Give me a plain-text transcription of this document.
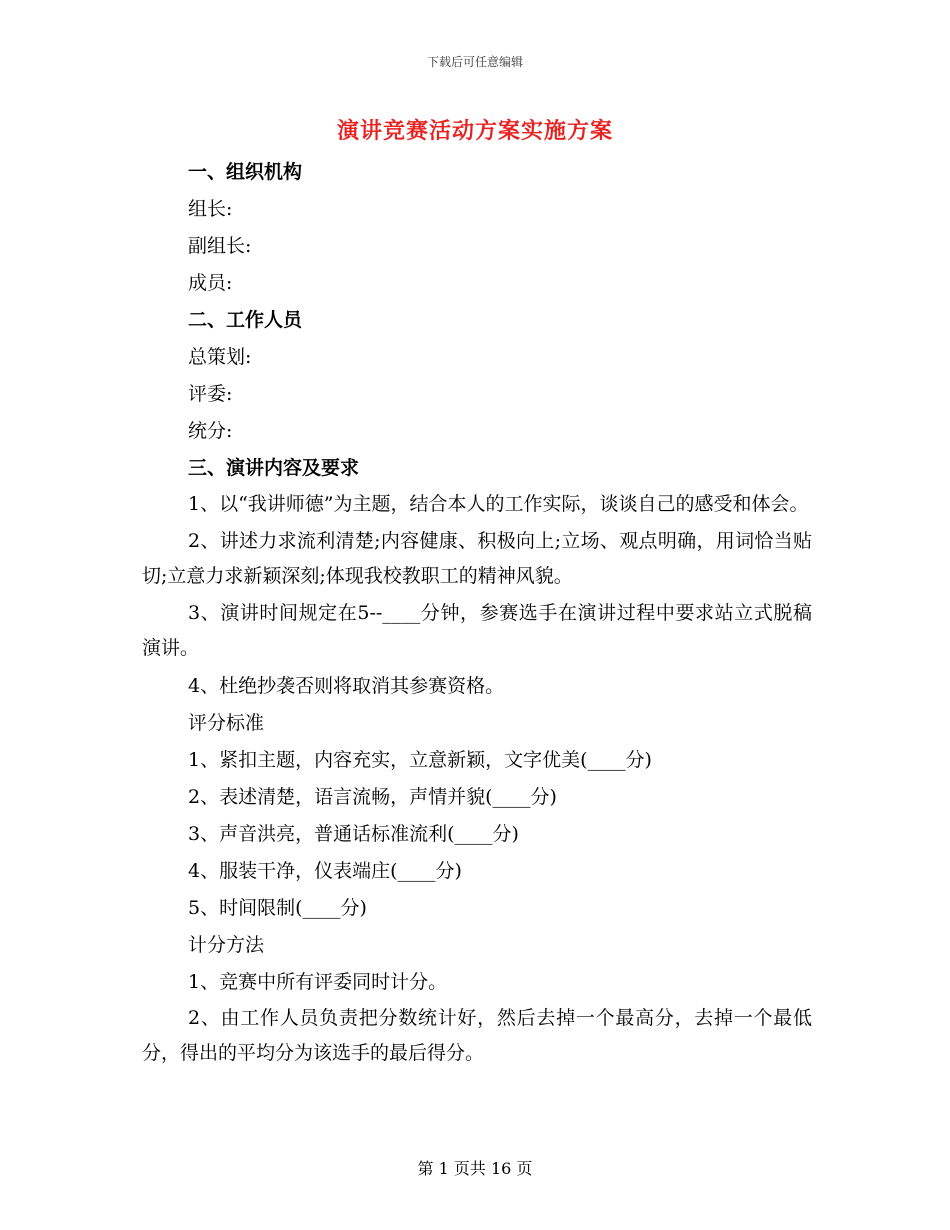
下载后可任意编辑
演讲竞赛活动方案实施方案

一、组织机构

组长:

副组长:

成员:

二、工作人员

总策划:

评委:

统分:

三、演讲内容及要求

1、以“我讲师德”为主题，结合本人的工作实际，谈谈自己的感受和体会。

2、讲述力求流利清楚;内容健康、积极向上;立场、观点明确，用词恰当贴切;立意力求新颖深刻;体现我校教职工的精神风貌。

3、演讲时间规定在5--____分钟，参赛选手在演讲过程中要求站立式脱稿演讲。

4、杜绝抄袭否则将取消其参赛资格。

评分标准

1、紧扣主题，内容充实，立意新颖，文字优美(____分)

2、表述清楚，语言流畅，声情并貌(____分)

3、声音洪亮，普通话标准流利(____分)

4、服装干净，仪表端庄(____分)

5、时间限制(____分)

计分方法

1、竞赛中所有评委同时计分。

2、由工作人员负责把分数统计好，然后去掉一个最高分，去掉一个最低分，得出的平均分为该选手的最后得分。

第 1 页共 16 页
